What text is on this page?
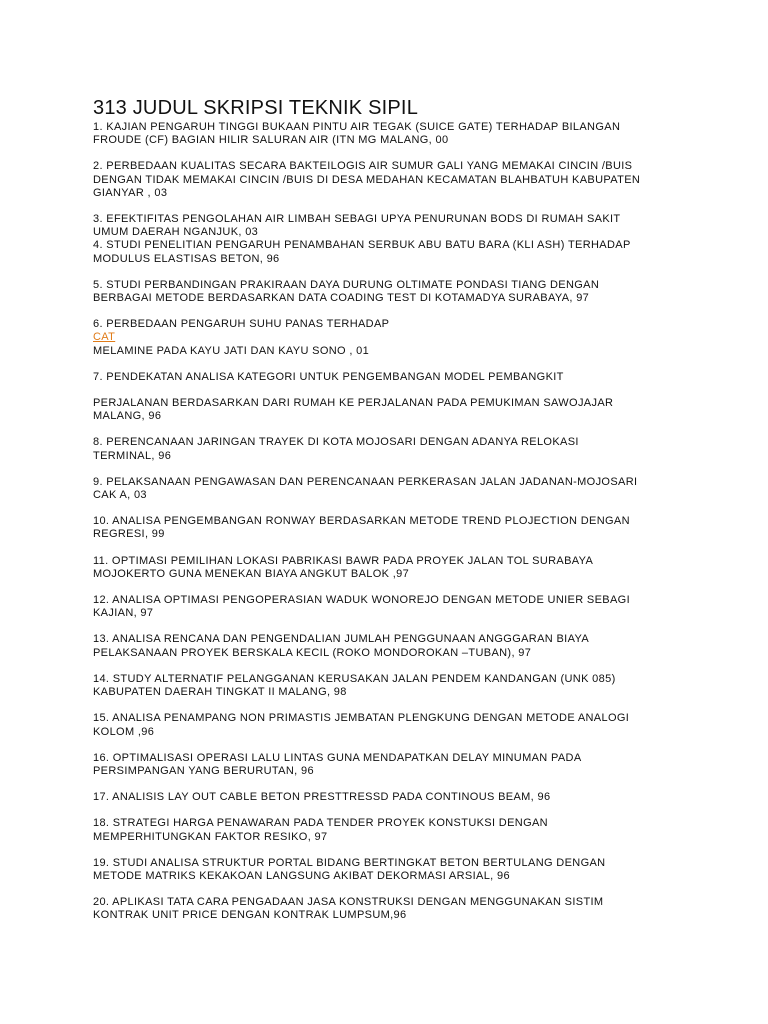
313 JUDUL SKRIPSI TEKNIK SIPIL

1. KAJIAN PENGARUH TINGGI BUKAAN PINTU AIR TEGAK (SUICE GATE) TERHADAP BILANGAN
FROUDE (CF) BAGIAN HILIR SALURAN AIR (ITN MG MALANG, 00

2. PERBEDAAN KUALITAS SECARA BAKTEILOGIS AIR SUMUR GALI YANG MEMAKAI CINCIN /BUIS
DENGAN TIDAK MEMAKAI CINCIN /BUIS DI DESA MEDAHAN KECAMATAN BLAHBATUH KABUPATEN
GIANYAR , 03

3. EFEKTIFITAS PENGOLAHAN AIR LIMBAH SEBAGI UPYA PENURUNAN BODS DI RUMAH SAKIT
UMUM DAERAH NGANJUK, 03

4. STUDI PENELITIAN PENGARUH PENAMBAHAN SERBUK ABU BATU BARA (KLI ASH) TERHADAP
MODULUS ELASTISAS BETON, 96

5. STUDI PERBANDINGAN PRAKIRAAN DAYA DURUNG OLTIMATE PONDASI TIANG DENGAN
BERBAGAI METODE BERDASARKAN DATA COADING TEST DI KOTAMADYA SURABAYA, 97

6. PERBEDAAN PENGARUH SUHU PANAS TERHADAP

CAT

MELAMINE PADA KAYU JATI DAN KAYU SONO , 01

7. PENDEKATAN ANALISA KATEGORI UNTUK PENGEMBANGAN MODEL PEMBANGKIT

PERJALANAN BERDASARKAN DARI RUMAH KE PERJALANAN PADA PEMUKIMAN SAWOJAJAR
MALANG, 96

8. PERENCANAAN JARINGAN TRAYEK DI KOTA MOJOSARI DENGAN ADANYA RELOKASI
TERMINAL, 96

9. PELAKSANAAN PENGAWASAN DAN PERENCANAAN PERKERASAN JALAN JADANAN-MOJOSARI
CAK A, 03

10. ANALISA PENGEMBANGAN RONWAY BERDASARKAN METODE TREND PLOJECTION DENGAN
REGRESI, 99

11. OPTIMASI PEMILIHAN LOKASI PABRIKASI BAWR PADA PROYEK JALAN TOL SURABAYA
MOJOKERTO GUNA MENEKAN BIAYA ANGKUT BALOK ,97

12. ANALISA OPTIMASI PENGOPERASIAN WADUK WONOREJO DENGAN METODE UNIER SEBAGI
KAJIAN, 97

13. ANALISA RENCANA DAN PENGENDALIAN JUMLAH PENGGUNAAN ANGGGARAN BIAYA
PELAKSANAAN PROYEK BERSKALA KECIL (ROKO MONDOROKAN –TUBAN), 97

14. STUDY ALTERNATIF PELANGGANAN KERUSAKAN JALAN PENDEM KANDANGAN (UNK 085)
KABUPATEN DAERAH TINGKAT II MALANG, 98

15. ANALISA PENAMPANG NON PRIMASTIS JEMBATAN PLENGKUNG DENGAN METODE ANALOGI
KOLOM ,96

16. OPTIMALISASI OPERASI LALU LINTAS GUNA MENDAPATKAN DELAY MINUMAN PADA
PERSIMPANGAN YANG BERURUTAN, 96

17. ANALISIS LAY OUT CABLE BETON PRESTTRESSD PADA CONTINOUS BEAM, 96

18. STRATEGI HARGA PENAWARAN PADA TENDER PROYEK KONSTUKSI DENGAN
MEMPERHITUNGKAN FAKTOR RESIKO, 97

19. STUDI ANALISA STRUKTUR PORTAL BIDANG BERTINGKAT BETON BERTULANG DENGAN
METODE MATRIKS KEKAKOAN LANGSUNG AKIBAT DEKORMASI ARSIAL, 96

20. APLIKASI TATA CARA PENGADAAN JASA KONSTRUKSI DENGAN MENGGUNAKAN SISTIM
KONTRAK UNIT PRICE DENGAN KONTRAK LUMPSUM,96
